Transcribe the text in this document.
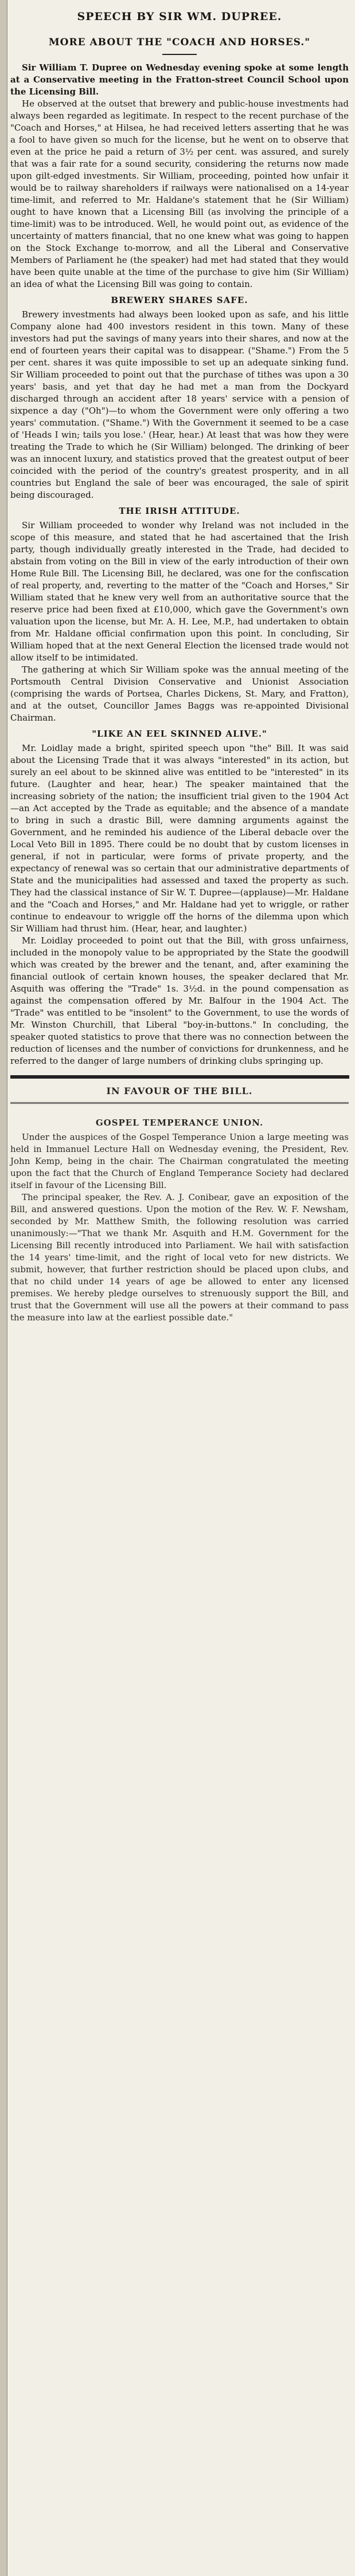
SPEECH BY SIR WM. DUPREE.
MORE ABOUT THE "COACH AND HORSES."

Sir William T. Dupree on Wednesday evening spoke at some length at a Conservative meeting in the Fratton-street Council School upon the Licensing Bill.

He observed at the outset that brewery and public-house investments had always been regarded as legitimate. In respect to the recent purchase of the "Coach and Horses," at Hilsea, he had received letters asserting that he was a fool to have given so much for the license, but he went on to observe that even at the price he paid a return of 3½ per cent. was assured, and surely that was a fair rate for a sound security, considering the returns now made upon gilt-edged investments. Sir William, proceeding, pointed how unfair it would be to railway shareholders if railways were nationalised on a 14-year time-limit, and referred to Mr. Haldane's statement that he (Sir William) ought to have known that a Licensing Bill (as involving the principle of a time-limit) was to be introduced. Well, he would point out, as evidence of the uncertainty of matters financial, that no one knew what was going to happen on the Stock Exchange to-morrow, and all the Liberal and Conservative Members of Parliament he (the speaker) had met had stated that they would have been quite unable at the time of the purchase to give him (Sir William) an idea of what the Licensing Bill was going to contain.

BREWERY SHARES SAFE.

Brewery investments had always been looked upon as safe, and his little Company alone had 400 investors resident in this town. Many of these investors had put the savings of many years into their shares, and now at the end of fourteen years their capital was to disappear. ("Shame.") From the 5 per cent. shares it was quite impossible to set up an adequate sinking fund. Sir William proceeded to point out that the purchase of tithes was upon a 30 years' basis, and yet that day he had met a man from the Dockyard discharged through an accident after 18 years' service with a pension of sixpence a day ("Oh")—to whom the Government were only offering a two years' commutation. ("Shame.") With the Government it seemed to be a case of 'Heads I win; tails you lose.' (Hear, hear.) At least that was how they were treating the Trade to which he (Sir William) belonged. The drinking of beer was an innocent luxury, and statistics proved that the greatest output of beer coincided with the period of the country's greatest prosperity, and in all countries but England the sale of beer was encouraged, the sale of spirit being discouraged.

THE IRISH ATTITUDE.

Sir William proceeded to wonder why Ireland was not included in the scope of this measure, and stated that he had ascertained that the Irish party, though individually greatly interested in the Trade, had decided to abstain from voting on the Bill in view of the early introduction of their own Home Rule Bill. The Licensing Bill, he declared, was one for the confiscation of real property, and, reverting to the matter of the "Coach and Horses," Sir William stated that he knew very well from an authoritative source that the reserve price had been fixed at £10,000, which gave the Government's own valuation upon the license, but Mr. A. H. Lee, M.P., had undertaken to obtain from Mr. Haldane official confirmation upon this point. In concluding, Sir William hoped that at the next General Election the licensed trade would not allow itself to be intimidated.

The gathering at which Sir William spoke was the annual meeting of the Portsmouth Central Division Conservative and Unionist Association (comprising the wards of Portsea, Charles Dickens, St. Mary, and Fratton), and at the outset, Councillor James Baggs was re-appointed Divisional Chairman.

"LIKE AN EEL SKINNED ALIVE."

Mr. Loidlay made a bright, spirited speech upon "the" Bill. It was said about the Licensing Trade that it was always "interested" in its action, but surely an eel about to be skinned alive was entitled to be "interested" in its future. (Laughter and hear, hear.) The speaker maintained that the increasing sobriety of the nation; the insufficient trial given to the 1904 Act—an Act accepted by the Trade as equitable; and the absence of a mandate to bring in such a drastic Bill, were damning arguments against the Government, and he reminded his audience of the Liberal debacle over the Local Veto Bill in 1895. There could be no doubt that by custom licenses in general, if not in particular, were forms of private property, and the expectancy of renewal was so certain that our administrative departments of State and the municipalities had assessed and taxed the property as such. They had the classical instance of Sir W. T. Dupree—(applause)—Mr. Haldane and the "Coach and Horses," and Mr. Haldane had yet to wriggle, or rather continue to endeavour to wriggle off the horns of the dilemma upon which Sir William had thrust him. (Hear, hear, and laughter.)

Mr. Loidlay proceeded to point out that the Bill, with gross unfairness, included in the monopoly value to be appropriated by the State the goodwill which was created by the brewer and the tenant, and, after examining the financial outlook of certain known houses, the speaker declared that Mr. Asquith was offering the "Trade" 1s. 3½d. in the pound compensation as against the compensation offered by Mr. Balfour in the 1904 Act. The "Trade" was entitled to be "insolent" to the Government, to use the words of Mr. Winston Churchill, that Liberal "boy-in-buttons." In concluding, the speaker quoted statistics to prove that there was no connection between the reduction of licenses and the number of convictions for drunkenness, and he referred to the danger of large numbers of drinking clubs springing up.

IN FAVOUR OF THE BILL.
GOSPEL TEMPERANCE UNION.

Under the auspices of the Gospel Temperance Union a large meeting was held in Immanuel Lecture Hall on Wednesday evening, the President, Rev. John Kemp, being in the chair. The Chairman congratulated the meeting upon the fact that the Church of England Temperance Society had declared itself in favour of the Licensing Bill.

The principal speaker, the Rev. A. J. Conibear, gave an exposition of the Bill, and answered questions. Upon the motion of the Rev. W. F. Newsham, seconded by Mr. Matthew Smith, the following resolution was carried unanimously:—"That we thank Mr. Asquith and H.M. Government for the Licensing Bill recently introduced into Parliament. We hail with satisfaction the 14 years' time-limit, and the right of local veto for new districts. We submit, however, that further restriction should be placed upon clubs, and that no child under 14 years of age be allowed to enter any licensed premises. We hereby pledge ourselves to strenuously support the Bill, and trust that the Government will use all the powers at their command to pass the measure into law at the earliest possible date."
